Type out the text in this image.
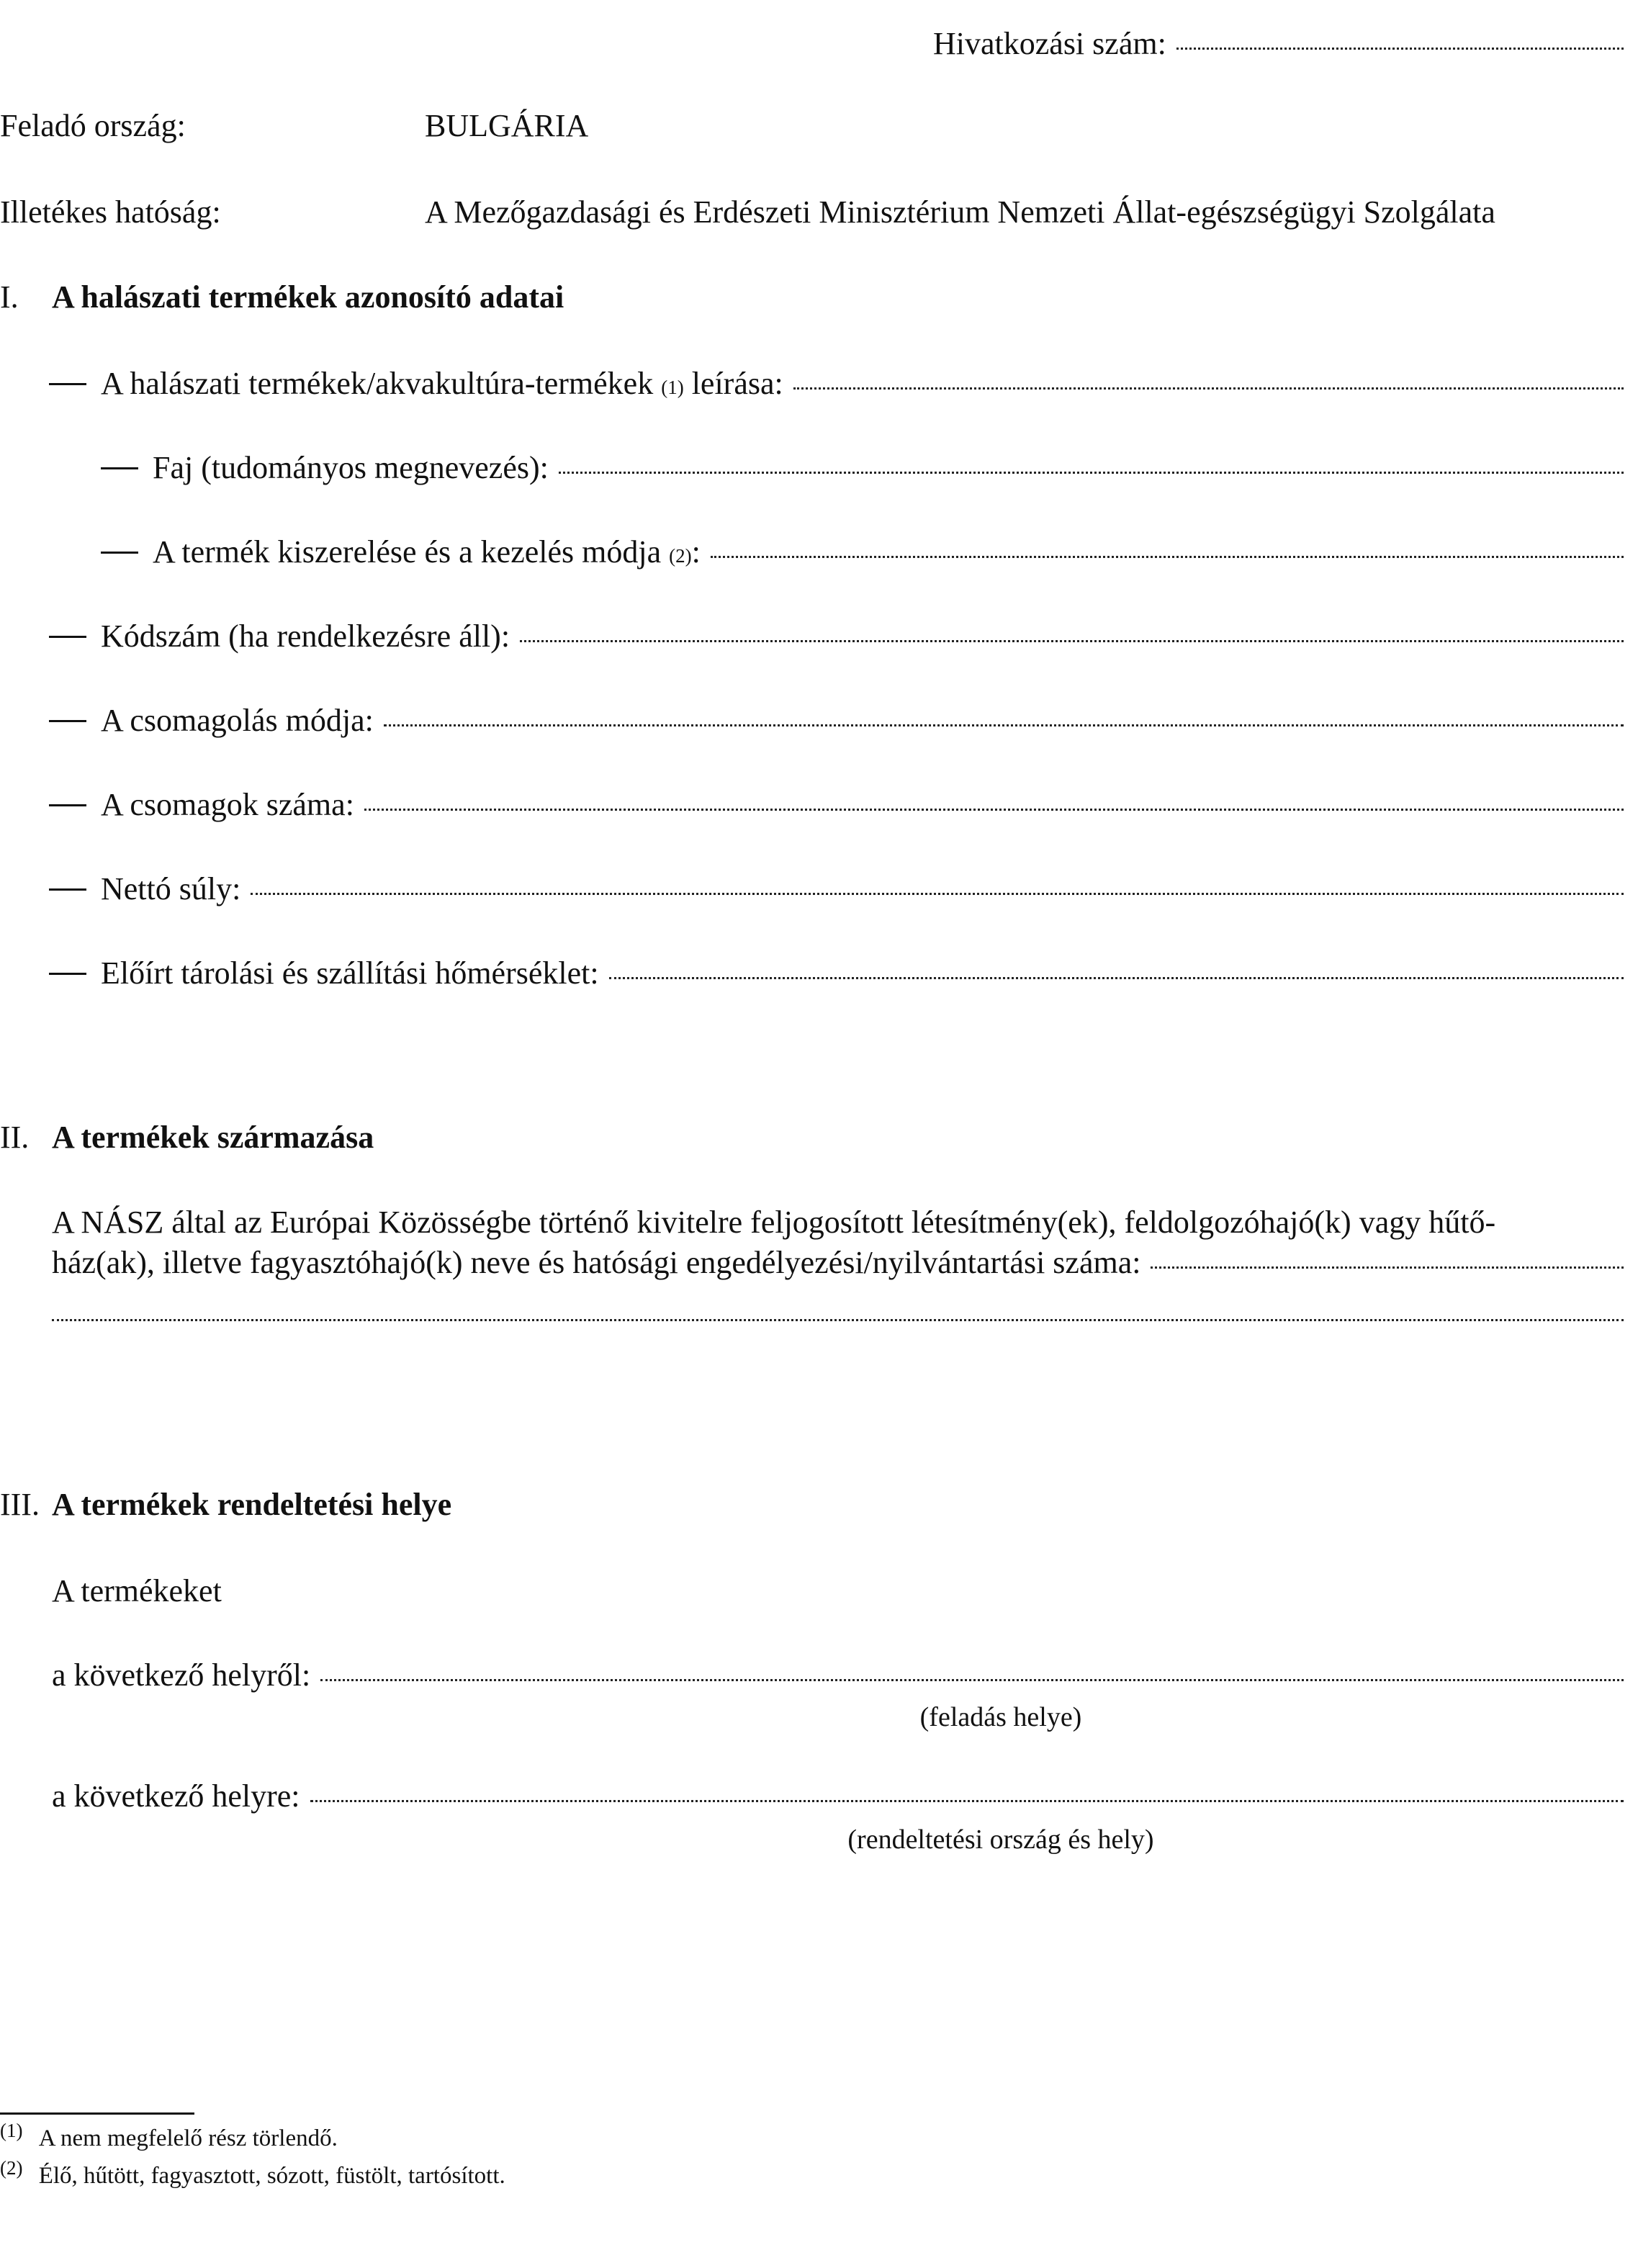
Hivatkozási szám:
Feladó ország:	BULGÁRIA
Illetékes hatóság:	A Mezőgazdasági és Erdészeti Minisztérium Nemzeti Állat-egészségügyi Szolgálata
I. A halászati termékek azonosító adatai
A halászati termékek/akvakultúra-termékek
(1)
leírása:
Faj (tudományos megnevezés):
A termék kiszerelése és a kezelés módja
(2) :
Kódszám (ha rendelkezésre áll):
A csomagolás módja:
A csomagok száma:
Nettó súly:
Előírt tárolási és szállítási hőmérséklet:
II. A termékek származása
A NÁSZ által az Európai Közösségbe történő kivitelre feljogosított létesítmény(ek), feldolgozóhajó(k) vagy hűtő-
ház(ak), illetve fagyasztóhajó(k) neve és hatósági engedélyezési/nyilvántartási száma:
III. A termékek rendeltetési helye
A termékeket
a következő helyről:
(feladás helye)
a következő helyre:
(rendeltetési ország és hely)
$^{(1)}$ A nem megfelelő rész törlendő.
$^{(2)}$ Élő, hűtött, fagyasztott, sózott, füstölt, tartósított.
